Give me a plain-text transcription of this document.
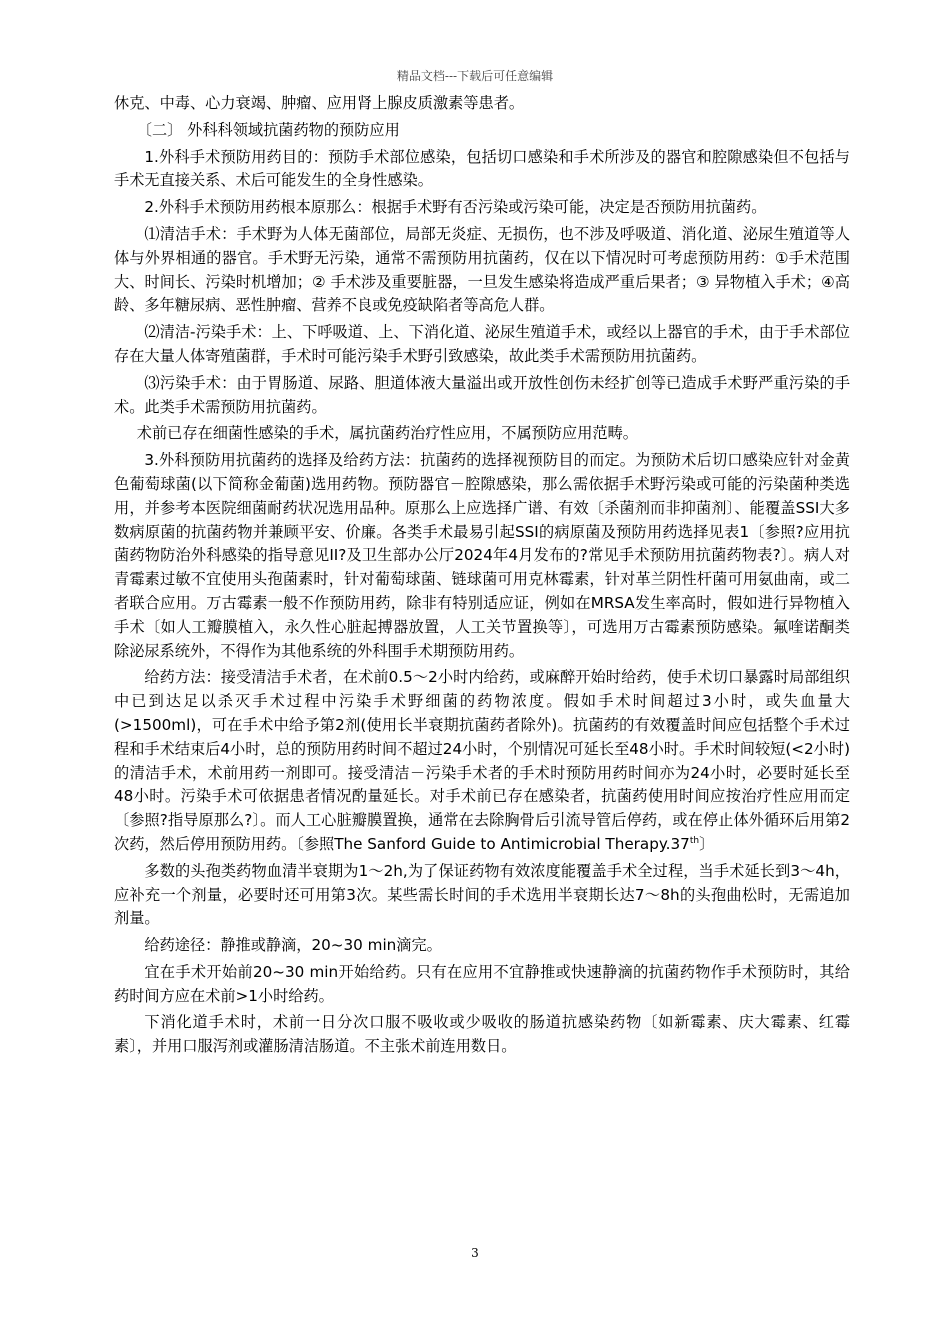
精品文档---下载后可任意编辑

休克、中毒、心力衰竭、肿瘤、应用肾上腺皮质激素等患者。

〔二〕 外科科领域抗菌药物的预防应用

1.外科手术预防用药目的：预防手术部位感染，包括切口感染和手术所涉及的器官和腔隙感染但不包括与手术无直接关系、术后可能发生的全身性感染。

2.外科手术预防用药根本原那么：根据手术野有否污染或污染可能，决定是否预防用抗菌药。

⑴清洁手术：手术野为人体无菌部位，局部无炎症、无损伤，也不涉及呼吸道、消化道、泌尿生殖道等人体与外界相通的器官。手术野无污染，通常不需预防用抗菌药，仅在以下情况时可考虑预防用药：①手术范围大、时间长、污染时机增加；② 手术涉及重要脏器，一旦发生感染将造成严重后果者；③ 异物植入手术；④高龄、多年糖尿病、恶性肿瘤、营养不良或免疫缺陷者等高危人群。

⑵清洁-污染手术：上、下呼吸道、上、下消化道、泌尿生殖道手术，或经以上器官的手术，由于手术部位存在大量人体寄殖菌群，手术时可能污染手术野引致感染，故此类手术需预防用抗菌药。

⑶污染手术：由于胃肠道、尿路、胆道体液大量溢出或开放性创伤未经扩创等已造成手术野严重污染的手术。此类手术需预防用抗菌药。

术前已存在细菌性感染的手术，属抗菌药治疗性应用，不属预防应用范畴。

3.外科预防用抗菌药的选择及给药方法：抗菌药的选择视预防目的而定。为预防术后切口感染应针对金黄色葡萄球菌(以下简称金葡菌)选用药物。预防器官－腔隙感染，那么需依据手术野污染或可能的污染菌种类选用，并参考本医院细菌耐药状况选用品种。原那么上应选择广谱、有效〔杀菌剂而非抑菌剂〕、能覆盖SSI大多数病原菌的抗菌药物并兼顾平安、价廉。各类手术最易引起SSI的病原菌及预防用药选择见表1〔参照?应用抗菌药物防治外科感染的指导意见II?及卫生部办公厅2024年4月发布的?常见手术预防用抗菌药物表?〕。病人对青霉素过敏不宜使用头孢菌素时，针对葡萄球菌、链球菌可用克林霉素，针对革兰阴性杆菌可用氨曲南，或二者联合应用。万古霉素一般不作预防用药，除非有特别适应证，例如在MRSA发生率高时，假如进行异物植入手术〔如人工瓣膜植入，永久性心脏起搏器放置，人工关节置换等〕，可选用万古霉素预防感染。氟喹诺酮类除泌尿系统外，不得作为其他系统的外科围手术期预防用药。

给药方法：接受清洁手术者，在术前0.5～2小时内给药，或麻醉开始时给药，使手术切口暴露时局部组织中已到达足以杀灭手术过程中污染手术野细菌的药物浓度。假如手术时间超过3小时，或失血量大(>1500ml)，可在手术中给予第2剂(使用长半衰期抗菌药者除外)。抗菌药的有效覆盖时间应包括整个手术过程和手术结束后4小时，总的预防用药时间不超过24小时，个别情况可延长至48小时。手术时间较短(<2小时)的清洁手术，术前用药一剂即可。接受清洁－污染手术者的手术时预防用药时间亦为24小时，必要时延长至48小时。污染手术可依据患者情况酌量延长。对手术前已存在感染者，抗菌药使用时间应按治疗性应用而定〔参照?指导原那么?〕。而人工心脏瓣膜置换，通常在去除胸骨后引流导管后停药，或在停止体外循环后用第2次药，然后停用预防用药。〔参照The Sanford Guide to Antimicrobial Therapy.37th〕

多数的头孢类药物血清半衰期为1～2h,为了保证药物有效浓度能覆盖手术全过程，当手术延长到3～4h，应补充一个剂量，必要时还可用第3次。某些需长时间的手术选用半衰期长达7～8h的头孢曲松时，无需追加剂量。

给药途径：静推或静滴，20~30 min滴完。

宜在手术开始前20~30 min开始给药。只有在应用不宜静推或快速静滴的抗菌药物作手术预防时，其给药时间方应在术前>1小时给药。

下消化道手术时，术前一日分次口服不吸收或少吸收的肠道抗感染药物〔如新霉素、庆大霉素、红霉素〕，并用口服泻剂或灌肠清洁肠道。不主张术前连用数日。

3
